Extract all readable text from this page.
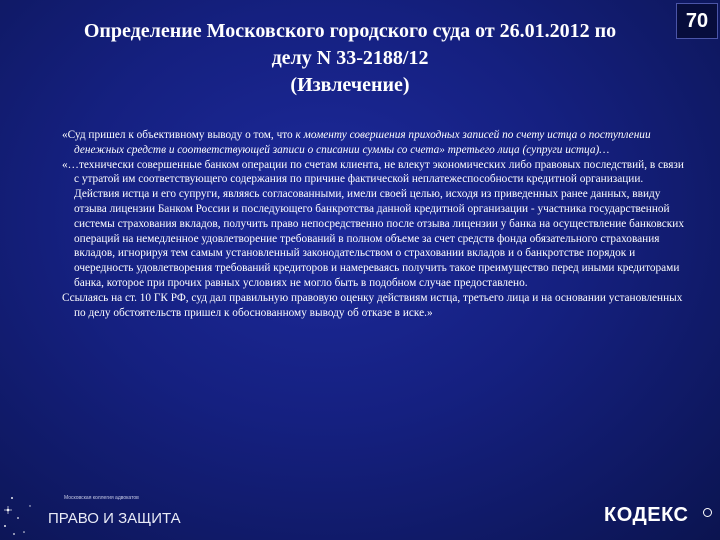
70
Определение Московского городского суда от 26.01.2012 по
делу N 33-2188/12
(Извлечение)

«Суд пришел к объективному выводу о том, что к моменту совершения приходных записей по счету истца о поступлении денежных средств и соответствующей записи о списании суммы со счета» третьего лица (супруги истца)…

«…технически совершенные банком операции по счетам клиента, не влекут экономических либо правовых последствий, в связи с утратой им соответствующего содержания по причине фактической неплатежеспособности кредитной организации. Действия истца и его супруги, являясь согласованными, имели своей целью, исходя из приведенных ранее данных, ввиду отзыва лицензии Банком России и последующего банкротства данной кредитной организации - участника государственной системы страхования вкладов, получить право непосредственно после отзыва лицензии у банка на осуществление банковских операций на немедленное удовлетворение требований в полном объеме за счет средств фонда обязательного страхования вкладов, игнорируя тем самым установленный законодательством о страховании вкладов и о банкротстве порядок и очередность удовлетворения требований кредиторов и намереваясь получить такое преимущество перед иными кредиторами банка, которое при прочих равных условиях не могло быть в подобном случае предоставлено.

Ссылаясь на ст. 10 ГК РФ, суд дал правильную правовую оценку действиям истца, третьего лица и на основании установленных по делу обстоятельств пришел к обоснованному выводу об отказе в иске.»

Московская коллегия адвокатов
ПРАВО И ЗАЩИТА	КОДЕКС
